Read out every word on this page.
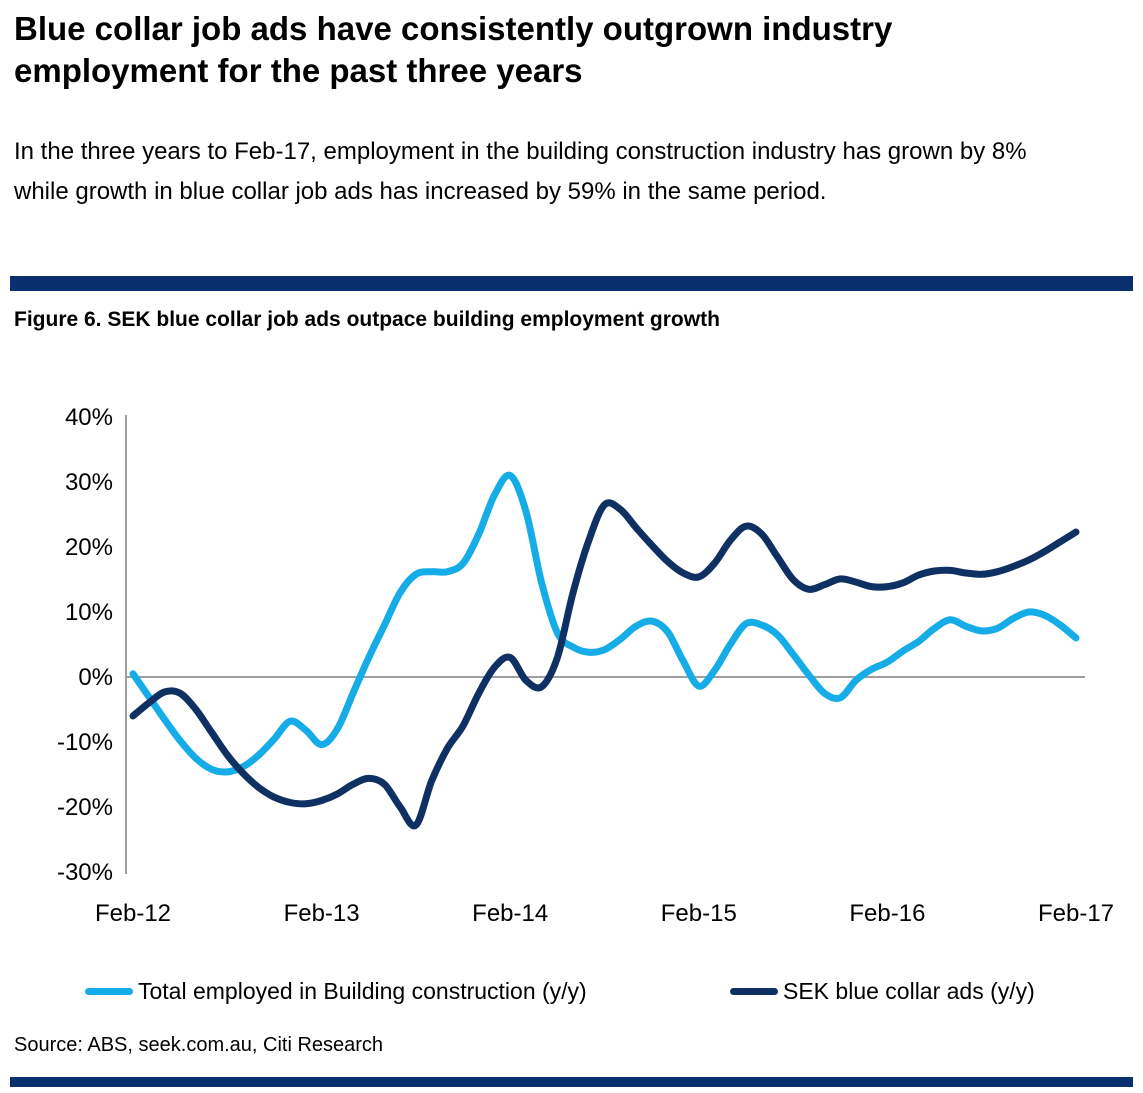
Blue collar job ads have consistently outgrown industry employment for the past three years
In the three years to Feb-17, employment in the building construction industry has grown by 8% while growth in blue collar job ads has increased by 59% in the same period.
Figure 6. SEK blue collar job ads outpace building employment growth
40%
30%
20%
10%
0%
-10%
-20%
-30%
Feb-12	Feb-13	Feb-14	Feb-15	Feb-16	Feb-17
Total employed in Building construction (y/y)	SEK blue collar ads (y/y)
Source: ABS, seek.com.au, Citi Research
